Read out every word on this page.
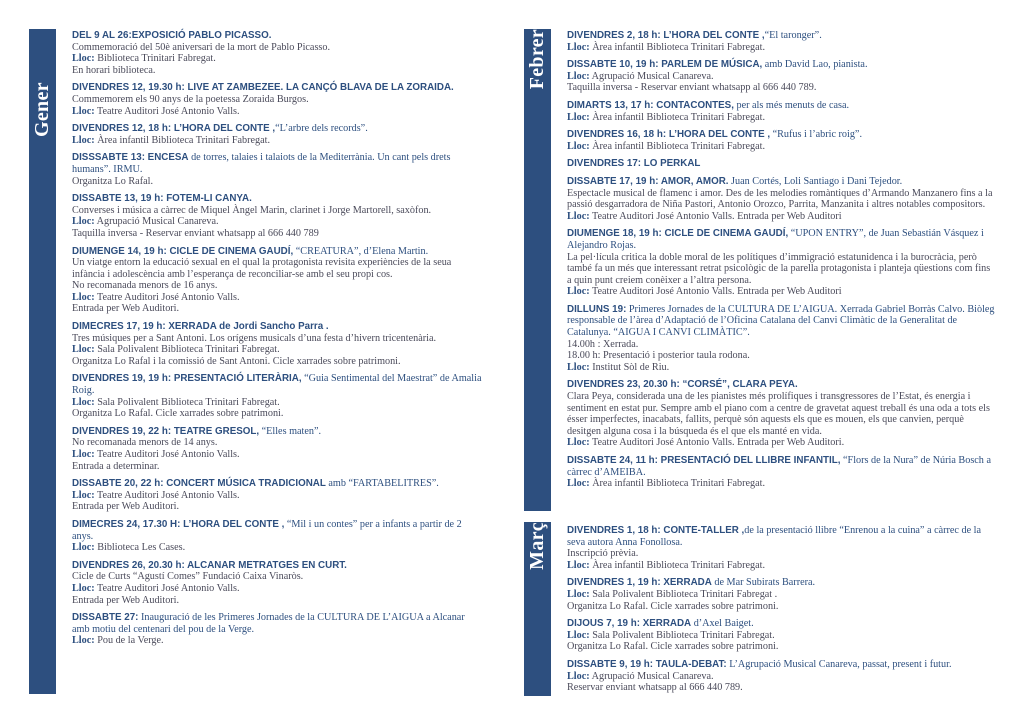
Gener
Febrer
Març
DEL 9 AL 26:EXPOSICIÓ PABLO PICASSO.
Commemoració del 50è aniversari de la mort de Pablo Picasso.
Lloc: Biblioteca Trinitari Fabregat.
En horari biblioteca.
DIVENDRES 12, 19.30 h: LIVE AT ZAMBEZEE. LA CANÇÓ BLAVA DE LA ZORAIDA.
Commemorem els 90 anys de la poetessa Zoraida Burgos.
Lloc: Teatre Auditori José Antonio Valls.
DIVENDRES 12, 18 h: L’HORA DEL CONTE ,“L’arbre dels records”.
Lloc: Àrea infantil Biblioteca Trinitari Fabregat.
DISSSABTE 13: ENCESA de torres, talaies i talaiots de la Mediterrània. Un cant pels drets humans”. IRMU.
Organitza Lo Rafal.
DISSABTE 13, 19 h: FOTEM-LI CANYA.
Converses i música a càrrec de Miquel Àngel Marin, clarinet i Jorge Martorell, saxòfon.
Lloc: Agrupació Musical Canareva.
Taquilla inversa - Reservar enviant whatsapp al 666 440 789
DIUMENGE 14, 19 h: CICLE DE CINEMA GAUDÍ, “CREATURA”, d’Elena Martin.
Un viatge entorn la educació sexual en el qual la protagonista revisita experiències de la seua infància i adolescència amb l’esperança de reconciliar-se amb el seu propi cos.
No recomanada menors de 16 anys.
Lloc: Teatre Auditori José Antonio Valls.
Entrada per Web Auditori.
DIMECRES 17, 19 h: XERRADA de Jordi Sancho Parra .
Tres músiques per a Sant Antoni. Los orígens musicals d’una festa d’hivern tricentenària.
Lloc: Sala Polivalent Biblioteca Trinitari Fabregat.
Organitza Lo Rafal i la comissió de Sant Antoni. Cicle xarrades sobre patrimoni.
DIVENDRES 19, 19 h: PRESENTACIÓ LITERÀRIA, “Guia Sentimental del Maestrat” de Amalia Roig.
Lloc: Sala Polivalent Biblioteca Trinitari Fabregat.
Organitza Lo Rafal. Cicle xarrades sobre patrimoni.
DIVENDRES 19, 22 h: TEATRE GRESOL, “Elles maten”.
No recomanada menors de 14 anys.
Lloc: Teatre Auditori José Antonio Valls.
Entrada a determinar.
DISSABTE 20, 22 h: CONCERT MÚSICA TRADICIONAL amb “FARTABELITRES”.
Lloc: Teatre Auditori José Antonio Valls.
Entrada per Web Auditori.
DIMECRES 24, 17.30 H: L’HORA DEL CONTE , “Mil i un contes” per a infants a partir de 2 anys.
Lloc: Biblioteca Les Cases.
DIVENDRES 26, 20.30 h: ALCANAR METRATGES EN CURT.
Cicle de Curts “Agustí Comes” Fundació Caixa Vinaròs.
Lloc: Teatre Auditori José Antonio Valls.
Entrada per Web Auditori.
DISSABTE 27: Inauguració de les Primeres Jornades de la CULTURA DE L’AIGUA a Alcanar amb motiu del centenari del pou de la Verge.
Lloc: Pou de la Verge.
DIVENDRES 2, 18 h: L’HORA DEL CONTE ,“El taronger”.
Lloc: Àrea infantil Biblioteca Trinitari Fabregat.
DISSABTE 10, 19 h: PARLEM DE MÚSICA, amb David Lao, pianista.
Lloc: Agrupació Musical Canareva.
Taquilla inversa - Reservar enviant whatsapp al 666 440 789.
DIMARTS 13, 17 h: CONTACONTES, per als més menuts de casa.
Lloc: Àrea infantil Biblioteca Trinitari Fabregat.
DIVENDRES 16, 18 h: L’HORA DEL CONTE , “Rufus i l’abric roig”.
Lloc: Àrea infantil Biblioteca Trinitari Fabregat.
DIVENDRES 17: LO PERKAL
DISSABTE 17, 19 h: AMOR, AMOR. Juan Cortés, Loli Santiago i Dani Tejedor.
Espectacle musical de flamenc i amor. Des de les melodies romàntiques d’Armando Manzanero fins a la passió desgarradora de Niña Pastori, Antonio Orozco, Parrita, Manzanita i altres notables compositors.
Lloc: Teatre Auditori José Antonio Valls. Entrada per Web Auditori
DIUMENGE 18, 19 h: CICLE DE CINEMA GAUDÍ, “UPON ENTRY”, de Juan Sebastián Vásquez i Alejandro Rojas.
La pel·lícula critica la doble moral de les polítiques d’immigració estatunidenca i la burocràcia, però també fa un més que interessant retrat psicològic de la parella protagonista i planteja qüestions com fins a quin punt creiem conèixer a l’altra persona.
Lloc: Teatre Auditori José Antonio Valls. Entrada per Web Auditori
DILLUNS 19: Primeres Jornades de la CULTURA DE L’AIGUA. Xerrada Gabriel Borràs Calvo. Biòleg responsable de l’àrea d’Adaptació de l’Oficina Catalana del Canvi Climàtic de la Generalitat de Catalunya. “AIGUA I CANVI CLIMÀTIC”.
14.00h : Xerrada.
18.00 h: Presentació i posterior taula rodona.
Lloc: Institut Sòl de Riu.
DIVENDRES 23, 20.30 h: “CORSÉ”, CLARA PEYA.
Clara Peya, considerada una de les pianistes més prolífiques i transgressores de l’Estat, és energia i sentiment en estat pur. Sempre amb el piano com a centre de gravetat aquest treball és una oda a tots els ésser imperfectes, inacabats, fallits, perquè són aquests els que es mouen, els que canvien, perquè desitgen alguna cosa i la búsqueda és el que els manté en vida.
Lloc: Teatre Auditori José Antonio Valls. Entrada per Web Auditori.
DISSABTE 24, 11 h: PRESENTACIÓ DEL LLIBRE INFANTIL, “Flors de la Nura” de Núria Bosch a càrrec d’AMEIBA.
Lloc: Àrea infantil Biblioteca Trinitari Fabregat.
DIVENDRES 1, 18 h: CONTE-TALLER ,de la presentació llibre “Enrenou a la cuina” a càrrec de la seva autora Anna Fonollosa.
Inscripció prèvia.
Lloc: Àrea infantil Biblioteca Trinitari Fabregat.
DIVENDRES 1, 19 h: XERRADA de Mar Subirats Barrera.
Lloc: Sala Polivalent Biblioteca Trinitari Fabregat .
Organitza Lo Rafal. Cicle xarrades sobre patrimoni.
DIJOUS 7, 19 h: XERRADA d’Axel Baiget.
Lloc: Sala Polivalent Biblioteca Trinitari Fabregat.
Organitza Lo Rafal. Cicle xarrades sobre patrimoni.
DISSABTE 9, 19 h: TAULA-DEBAT: L’Agrupació Musical Canareva, passat, present i futur.
Lloc: Agrupació Musical Canareva.
Reservar enviant whatsapp al 666 440 789.
